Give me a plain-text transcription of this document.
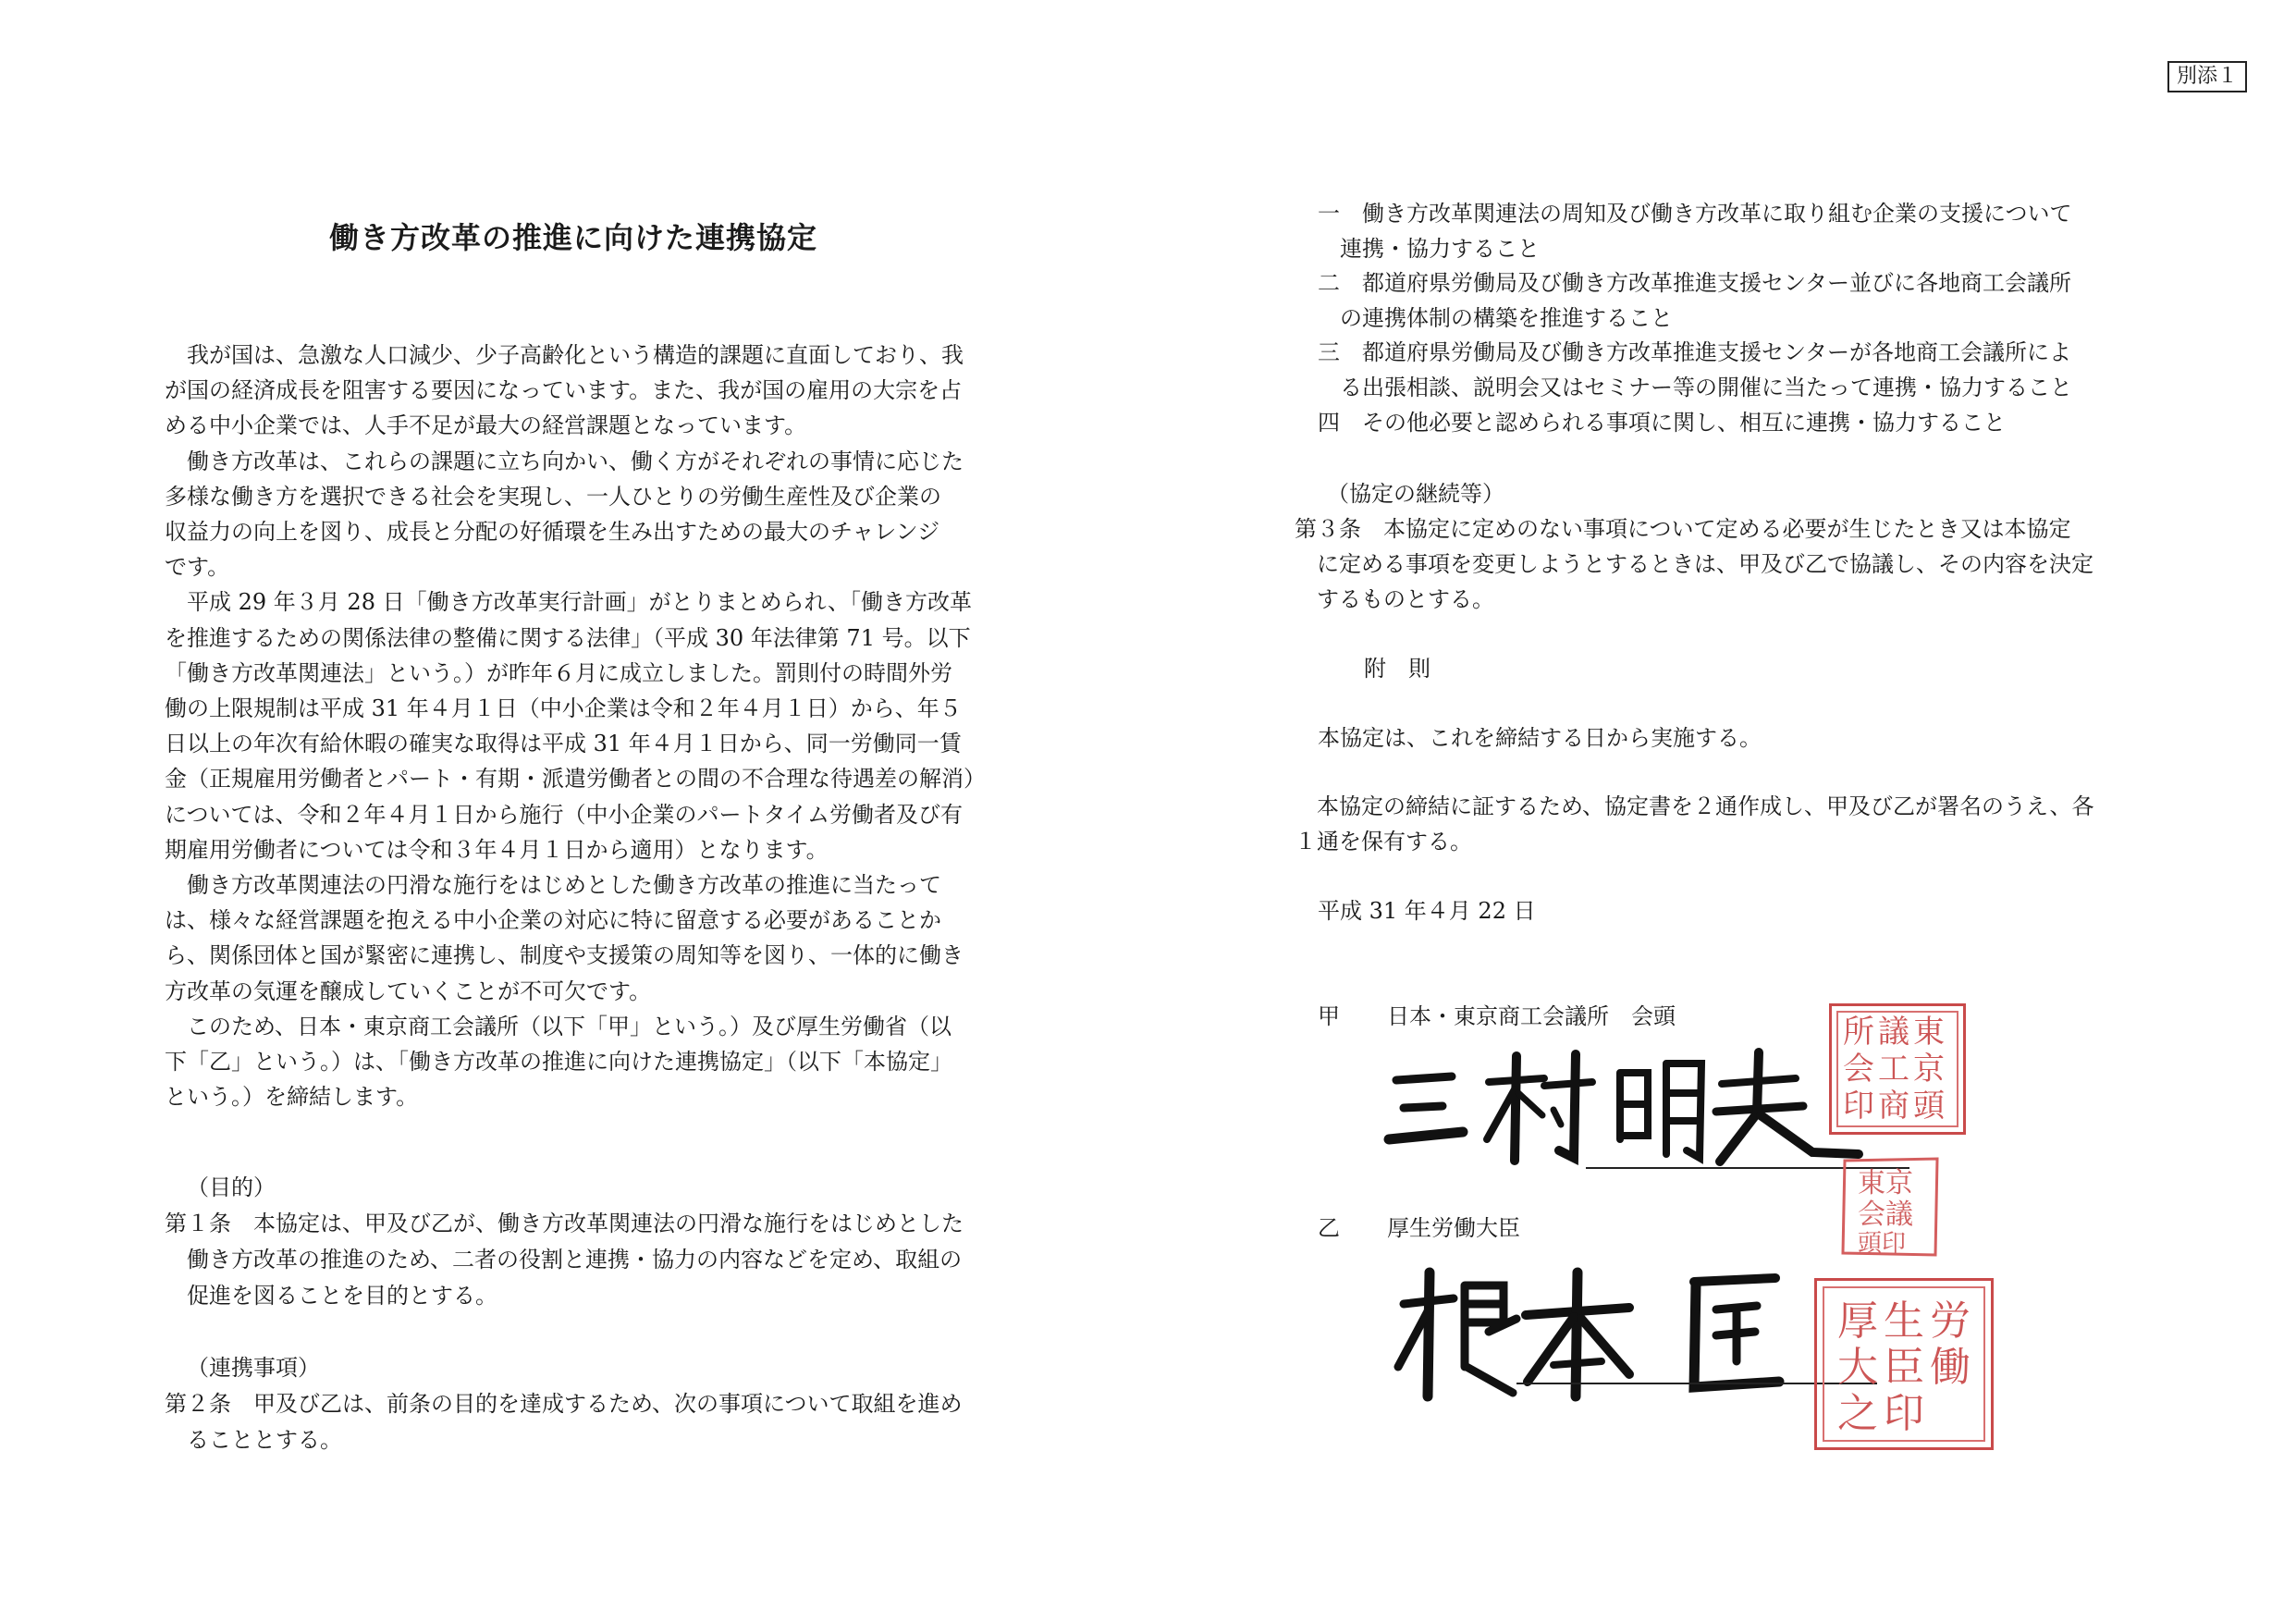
別添１
働き方改革の推進に向けた連携協定
　我が国は、急激な人口減少、少子高齢化という構造的課題に直面しており、我
が国の経済成長を阻害する要因になっています。また、我が国の雇用の大宗を占
める中小企業では、人手不足が最大の経営課題となっています。
　働き方改革は、これらの課題に立ち向かい、働く方がそれぞれの事情に応じた
多様な働き方を選択できる社会を実現し、一人ひとりの労働生産性及び企業の
収益力の向上を図り、成長と分配の好循環を生み出すための最大のチャレンジ
です。
　平成 29 年３月 28 日「働き方改革実行計画」がとりまとめられ、「働き方改革
を推進するための関係法律の整備に関する法律」（平成 30 年法律第 71 号。以下
「働き方改革関連法」という。）が昨年６月に成立しました。罰則付の時間外労
働の上限規制は平成 31 年４月１日（中小企業は令和２年４月１日）から、年５
日以上の年次有給休暇の確実な取得は平成 31 年４月１日から、同一労働同一賃
金（正規雇用労働者とパート・有期・派遣労働者との間の不合理な待遇差の解消）
については、令和２年４月１日から施行（中小企業のパートタイム労働者及び有
期雇用労働者については令和３年４月１日から適用）となります。
　働き方改革関連法の円滑な施行をはじめとした働き方改革の推進に当たって
は、様々な経営課題を抱える中小企業の対応に特に留意する必要があることか
ら、関係団体と国が緊密に連携し、制度や支援策の周知等を図り、一体的に働き
方改革の気運を醸成していくことが不可欠です。
　このため、日本・東京商工会議所（以下「甲」という。）及び厚生労働省（以
下「乙」という。）は、「働き方改革の推進に向けた連携協定」（以下「本協定」
という。）を締結します。
（目的）
第１条　本協定は、甲及び乙が、働き方改革関連法の円滑な施行をはじめとした
　働き方改革の推進のため、二者の役割と連携・協力の内容などを定め、取組の
　促進を図ることを目的とする。
（連携事項）
第２条　甲及び乙は、前条の目的を達成するため、次の事項について取組を進め
　ることとする。
一　働き方改革関連法の周知及び働き方改革に取り組む企業の支援について
　連携・協力すること
二　都道府県労働局及び働き方改革推進支援センター並びに各地商工会議所
　の連携体制の構築を推進すること
三　都道府県労働局及び働き方改革推進支援センターが各地商工会議所によ
　る出張相談、説明会又はセミナー等の開催に当たって連携・協力すること
四　その他必要と認められる事項に関し、相互に連携・協力すること
（協定の継続等）
第３条　本協定に定めのない事項について定める必要が生じたとき又は本協定
　に定める事項を変更しようとするときは、甲及び乙で協議し、その内容を決定
　するものとする。
附　則
本協定は、これを締結する日から実施する。
　本協定の締結に証するため、協定書を２通作成し、甲及び乙が署名のうえ、各
１通を保有する。
平成 31 年４月 22 日
甲 日本・東京商工会議所　会頭	所 議 東
会 工 京
印 商 頭
東京
会議
頭印
乙 厚生労働大臣
厚 生 労
大 臣 働
之 印
